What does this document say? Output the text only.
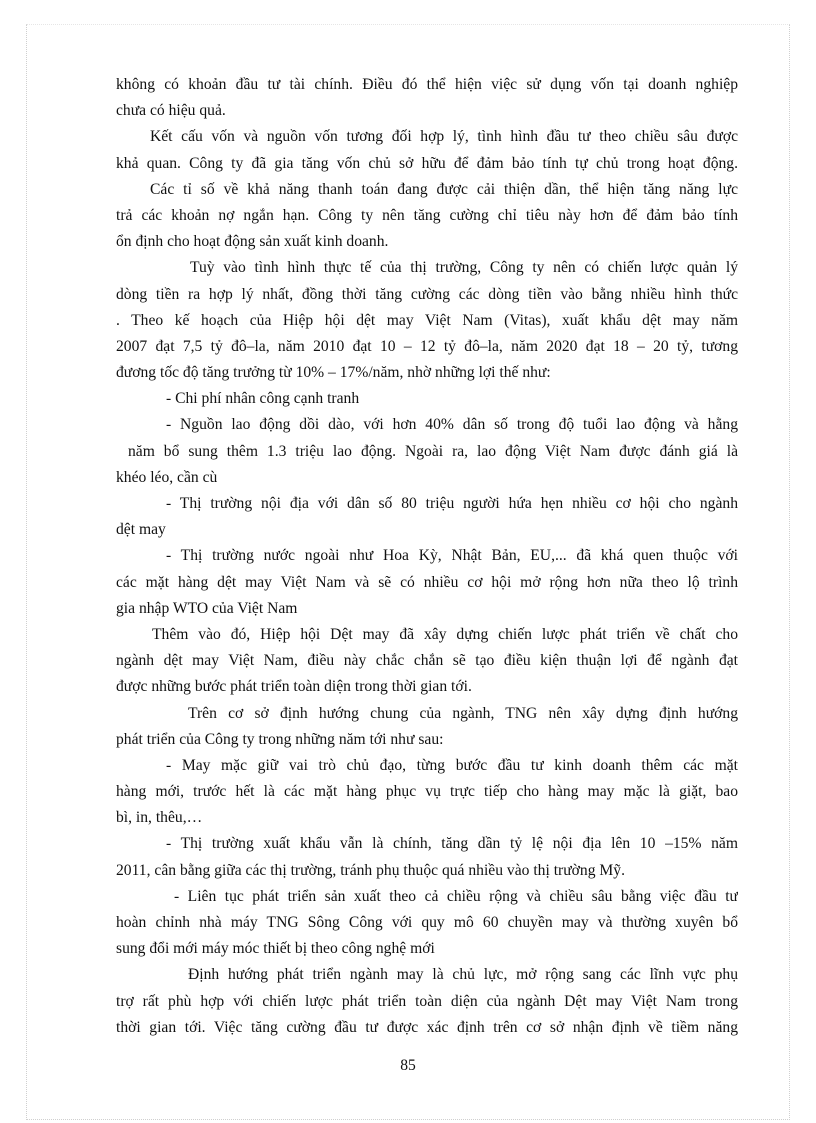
không có khoản đầu tư tài chính. Điều đó thể hiện việc sử dụng vốn tại doanh nghiệp
chưa có hiệu quả.
Kết cấu vốn và nguồn vốn tương đối hợp lý, tình hình đầu tư theo chiều sâu được
khả quan. Công ty đã gia tăng vốn chủ sở hữu để đảm bảo tính tự chủ trong hoạt động.
Các tỉ số về khả năng thanh toán đang được cải thiện dần, thể hiện tăng năng lực
trả các khoản nợ ngắn hạn. Công ty nên tăng cường chỉ tiêu này hơn để đảm bảo tính
ổn định cho hoạt động sản xuất kinh doanh.
Tuỳ vào tình hình thực tế của thị trường, Công ty nên có chiến lược quản lý
dòng tiền ra hợp lý nhất, đồng thời tăng cường các dòng tiền vào bằng nhiều hình thức
. Theo kế hoạch của Hiệp hội dệt may Việt Nam (Vitas), xuất khẩu dệt may năm
2007 đạt 7,5 tỷ đô–la, năm 2010 đạt 10 – 12 tỷ đô–la, năm 2020 đạt 18 – 20 tỷ, tương
đương tốc độ tăng trưởng từ 10% – 17%/năm, nhờ những lợi thế như:
- Chi phí nhân công cạnh tranh
- Nguồn lao động dồi dào, với hơn 40% dân số trong độ tuổi lao động và hằng
năm bổ sung thêm 1.3 triệu lao động. Ngoài ra, lao động Việt Nam được đánh giá là
khéo léo, cần cù
- Thị trường nội địa với dân số 80 triệu người hứa hẹn nhiều cơ hội cho ngành
dệt may
- Thị trường nước ngoài như Hoa Kỳ, Nhật Bản, EU,... đã khá quen thuộc với
các mặt hàng dệt may Việt Nam và sẽ có nhiều cơ hội mở rộng hơn nữa theo lộ trình
gia nhập WTO của Việt Nam
Thêm vào đó, Hiệp hội Dệt may đã xây dựng chiến lược phát triển về chất cho
ngành dệt may Việt Nam, điều này chắc chắn sẽ tạo điều kiện thuận lợi để ngành đạt
được những bước phát triển toàn diện trong thời gian tới.
Trên cơ sở định hướng chung của ngành, TNG nên xây dựng định hướng
phát triển của Công ty trong những năm tới như sau:
- May mặc giữ vai trò chủ đạo, từng bước đầu tư kinh doanh thêm các mặt
hàng mới, trước hết là các mặt hàng phục vụ trực tiếp cho hàng may mặc là giặt, bao
bì, in, thêu,…
- Thị trường xuất khẩu vẫn là chính, tăng dần tỷ lệ nội địa lên 10 –15% năm
2011, cân bằng giữa các thị trường, tránh phụ thuộc quá nhiều vào thị trường Mỹ.
- Liên tục phát triển sản xuất theo cả chiều rộng và chiều sâu bằng việc đầu tư
hoàn chỉnh nhà máy TNG Sông Công với quy mô 60 chuyền may và thường xuyên bổ
sung đổi mới máy móc thiết bị theo công nghệ mới
Định hướng phát triển ngành may là chủ lực, mở rộng sang các lĩnh vực phụ
trợ rất phù hợp với chiến lược phát triển toàn diện của ngành Dệt may Việt Nam trong
thời gian tới. Việc tăng cường đầu tư được xác định trên cơ sở nhận định về tiềm năng
85
